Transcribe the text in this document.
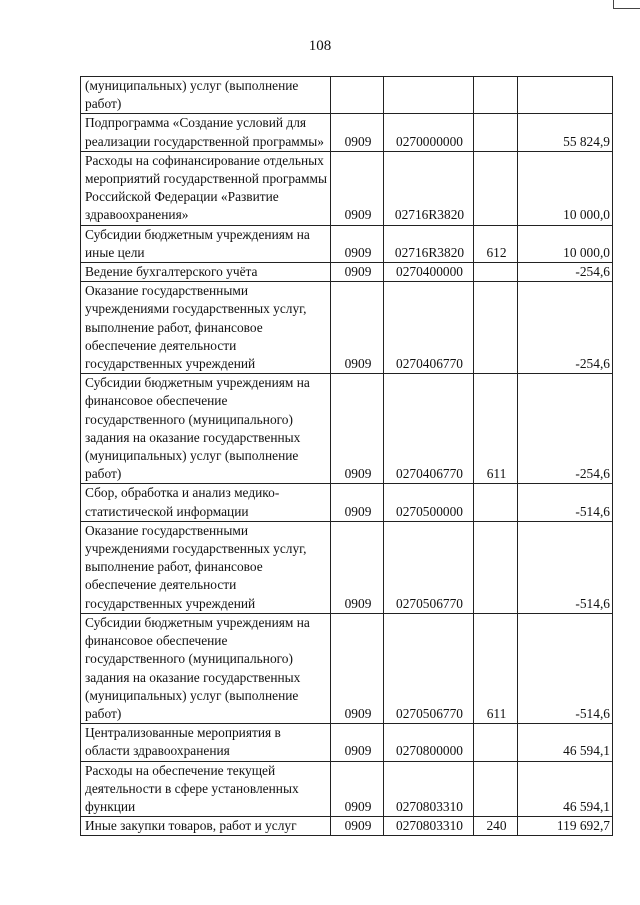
108
(муниципальных) услуг (выполнение работ)				
Подпрограмма «Создание условий для реализации государственной программы»	0909	0270000000		55 824,9
Расходы на софинансирование отдельных мероприятий государственной программы Российской Федерации «Развитие здравоохранения»	0909	02716R3820		10 000,0
Субсидии бюджетным учреждениям на иные цели	0909	02716R3820	612	10 000,0
Ведение бухгалтерского учёта	0909	0270400000		-254,6
Оказание государственными учреждениями государственных услуг, выполнение работ, финансовое обеспечение деятельности государственных учреждений	0909	0270406770		-254,6
Субсидии бюджетным учреждениям на финансовое обеспечение государственного (муниципального) задания на оказание государственных (муниципальных) услуг (выполнение работ)	0909	0270406770	611	-254,6
Сбор, обработка и анализ медико-статистической информации	0909	0270500000		-514,6
Оказание государственными учреждениями государственных услуг, выполнение работ, финансовое обеспечение деятельности государственных учреждений	0909	0270506770		-514,6
Субсидии бюджетным учреждениям на финансовое обеспечение государственного (муниципального) задания на оказание государственных (муниципальных) услуг (выполнение работ)	0909	0270506770	611	-514,6
Централизованные мероприятия в области здравоохранения	0909	0270800000		46 594,1
Расходы на обеспечение текущей деятельности в сфере установленных функции	0909	0270803310		46 594,1
Иные закупки товаров, работ и услуг	0909	0270803310	240	119 692,7
